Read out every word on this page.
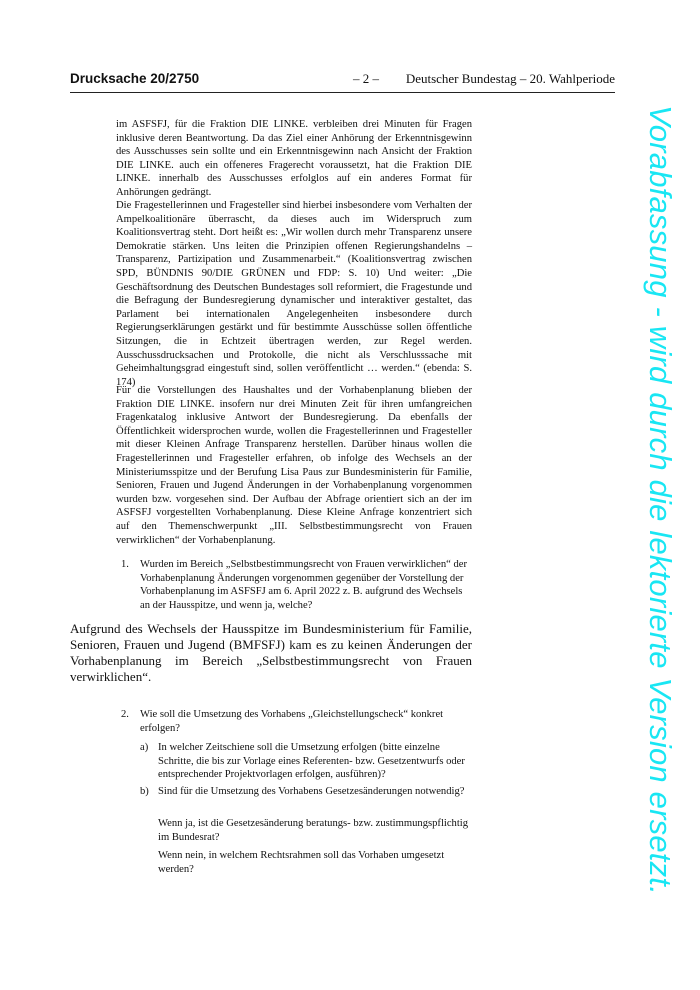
Drucksache 20/2750	– 2 –	Deutscher Bundestag – 20. Wahlperiode

im ASFSFJ, für die Fraktion DIE LINKE. verbleiben drei Minuten für Fragen inklusive deren Beantwortung. Da das Ziel einer Anhörung der Erkenntnisgewinn des Ausschusses sein sollte und ein Erkenntnisgewinn nach Ansicht der Fraktion DIE LINKE. auch ein offeneres Fragerecht voraussetzt, hat die Fraktion DIE LINKE. innerhalb des Ausschusses erfolglos auf ein anderes Format für Anhörungen gedrängt.

Die Fragestellerinnen und Fragesteller sind hierbei insbesondere vom Verhalten der Ampelkoalitionäre überrascht, da dieses auch im Widerspruch zum Koalitionsvertrag steht. Dort heißt es: „Wir wollen durch mehr Transparenz unsere Demokratie stärken. Uns leiten die Prinzipien offenen Regierungshandelns – Transparenz, Partizipation und Zusammenarbeit.“ (Koalitionsvertrag zwischen SPD, BÜNDNIS 90/DIE GRÜNEN und FDP: S. 10) Und weiter: „Die Geschäftsordnung des Deutschen Bundestages soll reformiert, die Fragestunde und die Befragung der Bundesregierung dynamischer und interaktiver gestaltet, das Parlament bei internationalen Angelegenheiten insbesondere durch Regierungserklärungen gestärkt und für bestimmte Ausschüsse sollen öffentliche Sitzungen, die in Echtzeit übertragen werden, zur Regel werden. Ausschussdrucksachen und Protokolle, die nicht als Verschlusssache mit Geheimhaltungsgrad eingestuft sind, sollen veröffentlicht … werden.“ (ebenda: S. 174)

Für die Vorstellungen des Haushaltes und der Vorhabenplanung blieben der Fraktion DIE LINKE. insofern nur drei Minuten Zeit für ihren umfangreichen Fragenkatalog inklusive Antwort der Bundesregierung. Da ebenfalls der Öffentlichkeit widersprochen wurde, wollen die Fragestellerinnen und Fragesteller mit dieser Kleinen Anfrage Transparenz herstellen. Darüber hinaus wollen die Fragestellerinnen und Fragesteller erfahren, ob infolge des Wechsels an der Ministeriumsspitze und der Berufung Lisa Paus zur Bundesministerin für Familie, Senioren, Frauen und Jugend Änderungen in der Vorhabenplanung vorgenommen wurden bzw. vorgesehen sind. Der Aufbau der Abfrage orientiert sich an der im ASFSFJ vorgestellten Vorhabenplanung. Diese Kleine Anfrage konzentriert sich auf den Themenschwerpunkt „III. Selbstbestimmungsrecht von Frauen verwirklichen“ der Vorhabenplanung.

1. Wurden im Bereich „Selbstbestimmungsrecht von Frauen verwirklichen“ der Vorhabenplanung Änderungen vorgenommen gegenüber der Vorstellung der Vorhabenplanung im ASFSFJ am 6. April 2022 z. B. aufgrund des Wechsels an der Hausspitze, und wenn ja, welche?

Aufgrund des Wechsels der Hausspitze im Bundesministerium für Familie, Senioren, Frauen und Jugend (BMFSFJ) kam es zu keinen Änderungen der Vorhabenplanung im Bereich „Selbstbestimmungsrecht von Frauen verwirklichen“.

2. Wie soll die Umsetzung des Vorhabens „Gleichstellungscheck“ konkret erfolgen?
a) In welcher Zeitschiene soll die Umsetzung erfolgen (bitte einzelne Schritte, die bis zur Vorlage eines Referenten- bzw. Gesetzentwurfs oder entsprechender Projektvorlagen erfolgen, ausführen)?
b) Sind für die Umsetzung des Vorhabens Gesetzesänderungen notwendig?
Wenn ja, ist die Gesetzesänderung beratungs- bzw. zustimmungspflichtig im Bundesrat?
Wenn nein, in welchem Rechtsrahmen soll das Vorhaben umgesetzt werden?	Vorabfassung - wird durch die lektorierte Version ersetzt.
